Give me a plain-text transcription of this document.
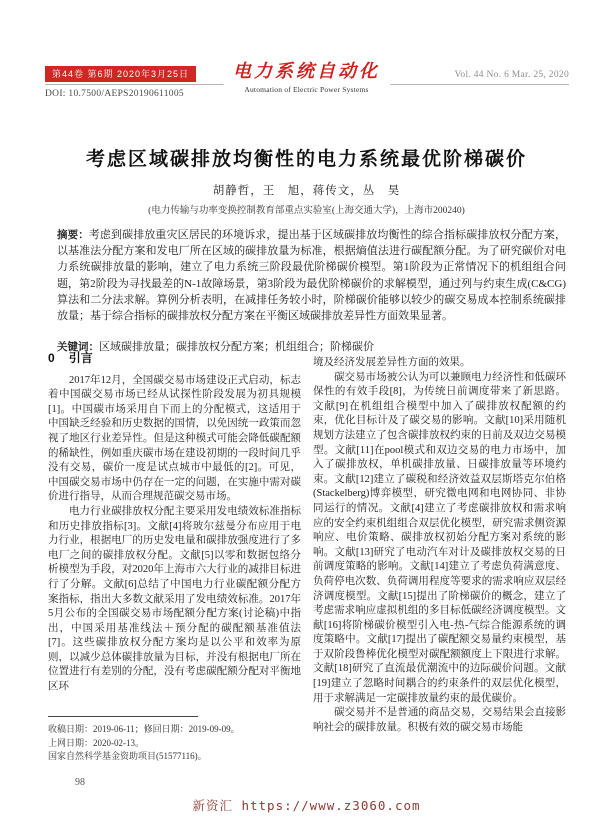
第44卷 第6期 2020年3月25日
DOI: 10.7500/AEPS20190611005
电力系统自动化
Automation of Electric Power Systems
Vol. 44 No. 6 Mar. 25, 2020
考虑区域碳排放均衡性的电力系统最优阶梯碳价
胡静哲，王　旭，蒋传文，丛　昊
(电力传输与功率变换控制教育部重点实验室(上海交通大学)，上海市200240)
摘要：考虑到碳排放重灾区居民的环境诉求，提出基于区域碳排放均衡性的综合指标碳排放权分配方案，以基准法分配方案和发电厂所在区域的碳排放量为标准，根据熵值法进行碳配额分配。为了研究碳价对电力系统碳排放量的影响，建立了电力系统三阶段最优阶梯碳价模型。第1阶段为正常情况下的机组组合问题，第2阶段为寻找最差的N-1故障场景，第3阶段为最优阶梯碳价的求解模型，通过列与约束生成(C&CG)算法和二分法求解。算例分析表明，在减排任务较小时，阶梯碳价能够以较少的碳交易成本控制系统碳排放量；基于综合指标的碳排放权分配方案在平衡区域碳排放差异性方面效果显著。
关键词：区域碳排放量；碳排放权分配方案；机组组合；阶梯碳价
0 引言

2017年12月，全国碳交易市场建设正式启动，标志着中国碳交易市场已经从试探性阶段发展为初具规模[1]。中国碳市场采用自下而上的分配模式，这适用于中国缺乏经验和历史数据的国情，以免因统一政策而忽视了地区行业差异性。但是这种模式可能会降低碳配额的稀缺性，例如重庆碳市场在建设初期的一段时间几乎没有交易，碳价一度是试点城市中最低的[2]。可见，中国碳交易市场中仍存在一定的问题，在实施中需对碳价进行指导，从而合理规范碳交易市场。

电力行业碳排放权分配主要采用发电绩效标准指标和历史排放指标[3]。文献[4]将玻尔兹曼分布应用于电力行业，根据电厂的历史发电量和碳排放强度进行了多电厂之间的碳排放权分配。文献[5]以零和数据包络分析模型为手段，对2020年上海市六大行业的减排目标进行了分解。文献[6]总结了中国电力行业碳配额分配方案指标，指出大多数文献采用了发电绩效标准。2017年5月公布的全国碳交易市场配额分配方案(讨论稿)中指出，中国采用基准线法＋预分配的碳配额基准值法[7]。这些碳排放权分配方案均是以公平和效率为原则，以减少总体碳排放量为目标，并没有根据电厂所在位置进行有差别的分配，没有考虑碳配额分配对平衡地区环

境及经济发展差异性方面的效果。

碳交易市场被公认为可以兼顾电力经济性和低碳环保性的有效手段[8]，为传统日前调度带来了新思路。文献[9]在机组组合模型中加入了碳排放权配额的约束，优化目标计及了碳交易的影响。文献[10]采用随机规划方法建立了包含碳排放权约束的日前及双边交易模型。文献[11]在pool模式和双边交易的电力市场中，加入了碳排放权，单机碳排放量、日碳排放量等环境约束。文献[12]建立了碳税和经济效益双层斯塔克尔伯格(Stackelberg)博弈模型，研究微电网和电网协同、非协同运行的情况。文献[4]建立了考虑碳排放权和需求响应的安全约束机组组合双层优化模型，研究需求侧资源响应、电价策略、碳排放权初始分配方案对系统的影响。文献[13]研究了电动汽车对计及碳排放权交易的日前调度策略的影响。文献[14]建立了考虑负荷满意度、负荷停电次数、负荷调用程度等要求的需求响应双层经济调度模型。文献[15]提出了阶梯碳价的概念，建立了考虑需求响应虚拟机组的多目标低碳经济调度模型。文献[16]将阶梯碳价模型引入电-热-气综合能源系统的调度策略中。文献[17]提出了碳配额交易量约束模型，基于双阶段鲁棒优化模型对碳配额额度上下限进行求解。文献[18]研究了直流最优潮流中的边际碳价问题。文献[19]建立了忽略时间耦合的约束条件的双层优化模型，用于求解满足一定碳排放量约束的最优碳价。

碳交易并不是普通的商品交易，交易结果会直接影响社会的碳排放量。积极有效的碳交易市场能

收稿日期：2019-06-11；修回日期：2019-09-09。
上网日期：2020-02-13。
国家自然科学基金资助项目(51577116)。
98
新资汇 https://www.z3060.com
